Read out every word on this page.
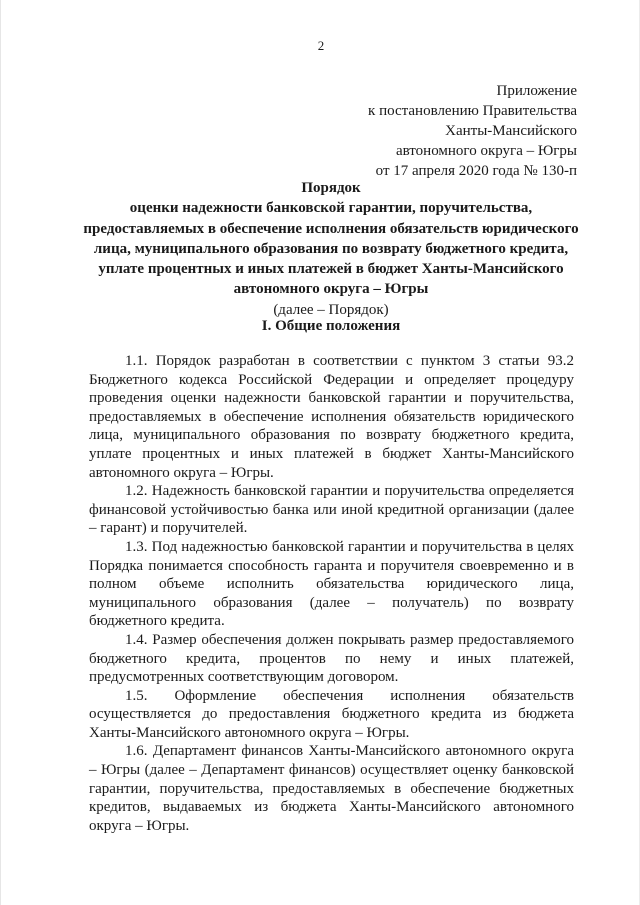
2
Приложение
к постановлению Правительства
Ханты-Мансийского
автономного округа – Югры
от 17 апреля 2020 года № 130-п
Порядок
оценки надежности банковской гарантии, поручительства, предоставляемых в обеспечение исполнения обязательств юридического лица, муниципального образования по возврату бюджетного кредита, уплате процентных и иных платежей в бюджет Ханты-Мансийского автономного округа – Югры
(далее – Порядок)
I. Общие положения

1.1. Порядок разработан в соответствии с пунктом 3 статьи 93.2 Бюджетного кодекса Российской Федерации и определяет процедуру проведения оценки надежности банковской гарантии и поручительства, предоставляемых в обеспечение исполнения обязательств юридического лица, муниципального образования по возврату бюджетного кредита, уплате процентных и иных платежей в бюджет Ханты-Мансийского автономного округа – Югры.

1.2. Надежность банковской гарантии и поручительства определяется финансовой устойчивостью банка или иной кредитной организации (далее – гарант) и поручителей.

1.3. Под надежностью банковской гарантии и поручительства в целях Порядка понимается способность гаранта и поручителя своевременно и в полном объеме исполнить обязательства юридического лица, муниципального образования (далее – получатель) по возврату бюджетного кредита.

1.4. Размер обеспечения должен покрывать размер предоставляемого бюджетного кредита, процентов по нему и иных платежей, предусмотренных соответствующим договором.

1.5. Оформление обеспечения исполнения обязательств осуществляется до предоставления бюджетного кредита из бюджета Ханты-Мансийского автономного округа – Югры.

1.6. Департамент финансов Ханты-Мансийского автономного округа – Югры (далее – Департамент финансов) осуществляет оценку банковской гарантии, поручительства, предоставляемых в обеспечение бюджетных кредитов, выдаваемых из бюджета Ханты-Мансийского автономного округа – Югры.
